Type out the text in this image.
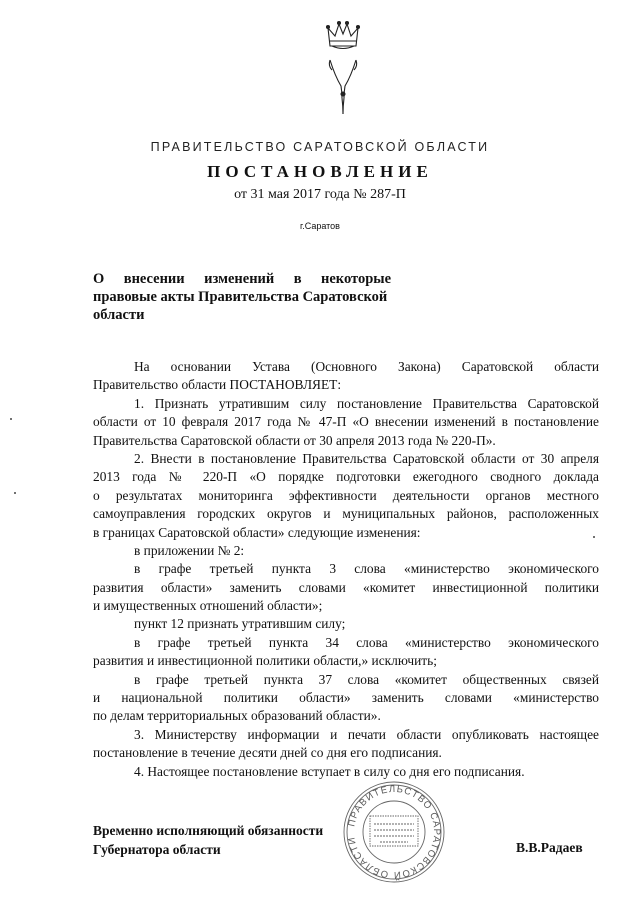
ПРАВИТЕЛЬСТВО САРАТОВСКОЙ ОБЛАСТИ
ПОСТАНОВЛЕНИЕ
от 31 мая 2017 года № 287-П
г.Саратов
О внесении изменений в некоторые
правовые акты Правительства Саратовской
области
На основании Устава (Основного Закона) Саратовской области
Правительство области ПОСТАНОВЛЯЕТ:
1. Признать утратившим силу постановление Правительства Саратовской
области от 10 февраля 2017 года № 47-П «О внесении изменений в постановление
Правительства Саратовской области от 30 апреля 2013 года № 220-П».
2. Внести в постановление Правительства Саратовской области от 30 апреля
2013 года № 220-П «О порядке подготовки ежегодного сводного доклада
о результатах мониторинга эффективности деятельности органов местного
самоуправления городских округов и муниципальных районов, расположенных
в границах Саратовской области» следующие изменения:
в приложении № 2:
в графе третьей пункта 3 слова «министерство экономического
развития области» заменить словами «комитет инвестиционной политики
и имущественных отношений области»;
пункт 12 признать утратившим силу;
в графе третьей пункта 34 слова «министерство экономического
развития и инвестиционной политики области,» исключить;
в графе третьей пункта 37 слова «комитет общественных связей
и национальной политики области» заменить словами «министерство
по делам территориальных образований области».
3. Министерству информации и печати области опубликовать настоящее
постановление в течение десяти дней со дня его подписания.
4. Настоящее постановление вступает в силу со дня его подписания.
ПРАВИТЕЛЬСТВО САРАТОВСКОЙ ОБЛАСТИ
Временно исполняющий обязанности
Губернатора области	В.В.Радаев
